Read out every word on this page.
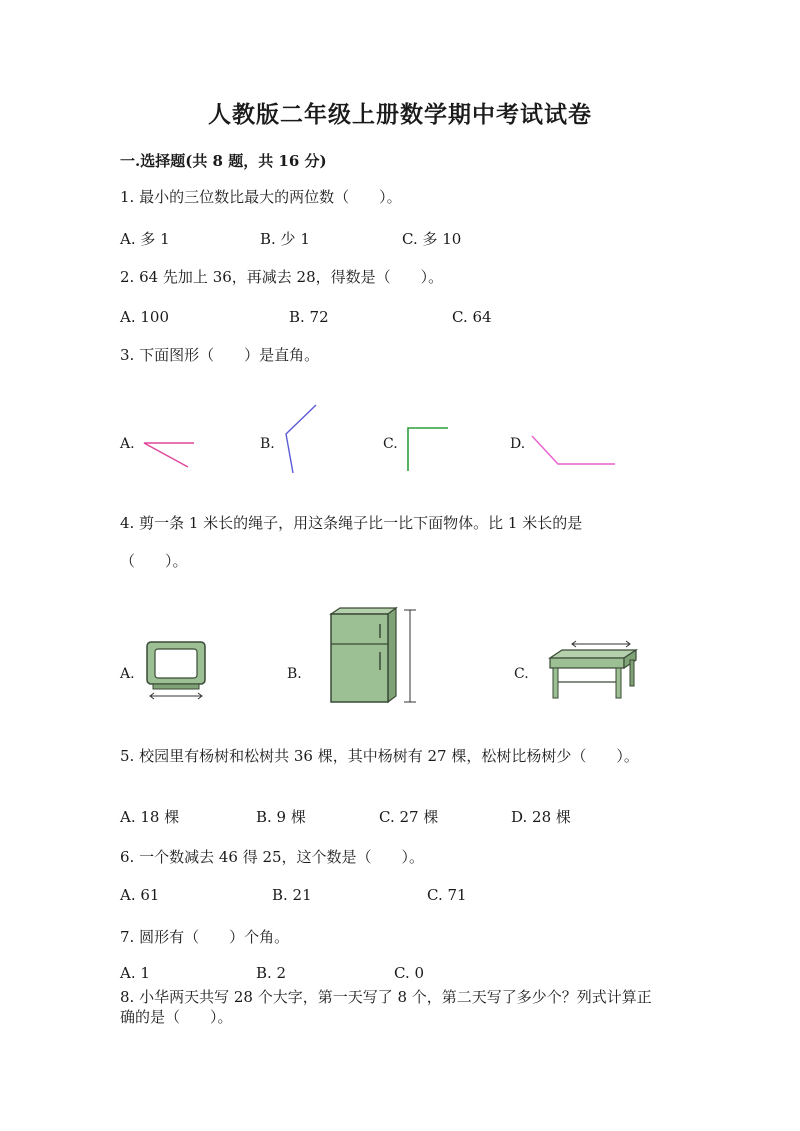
人教版二年级上册数学期中考试试卷
一.选择题(共 8 题，共 16 分)
1. 最小的三位数比最大的两位数（　　）。
A. 多 1	B. 少 1	C. 多 10
2. 64 先加上 36，再减去 28，得数是（　　）。
A. 100	B. 72	C. 64
3. 下面图形（　　）是直角。
A.	B.	C.	D.
4. 剪一条 1 米长的绳子，用这条绳子比一比下面物体。比 1 米长的是
（　　）。
A.	B.	C.
5. 校园里有杨树和松树共 36 棵，其中杨树有 27 棵，松树比杨树少（　　）。
A. 18 棵	B. 9 棵	C. 27 棵	D. 28 棵
6. 一个数减去 46 得 25，这个数是（　　）。
A. 61	B. 21	C. 71
7. 圆形有（　　）个角。
A. 1	B. 2	C. 0
8. 小华两天共写 28 个大字，第一天写了 8 个，第二天写了多少个？列式计算正
确的是（　　）。
